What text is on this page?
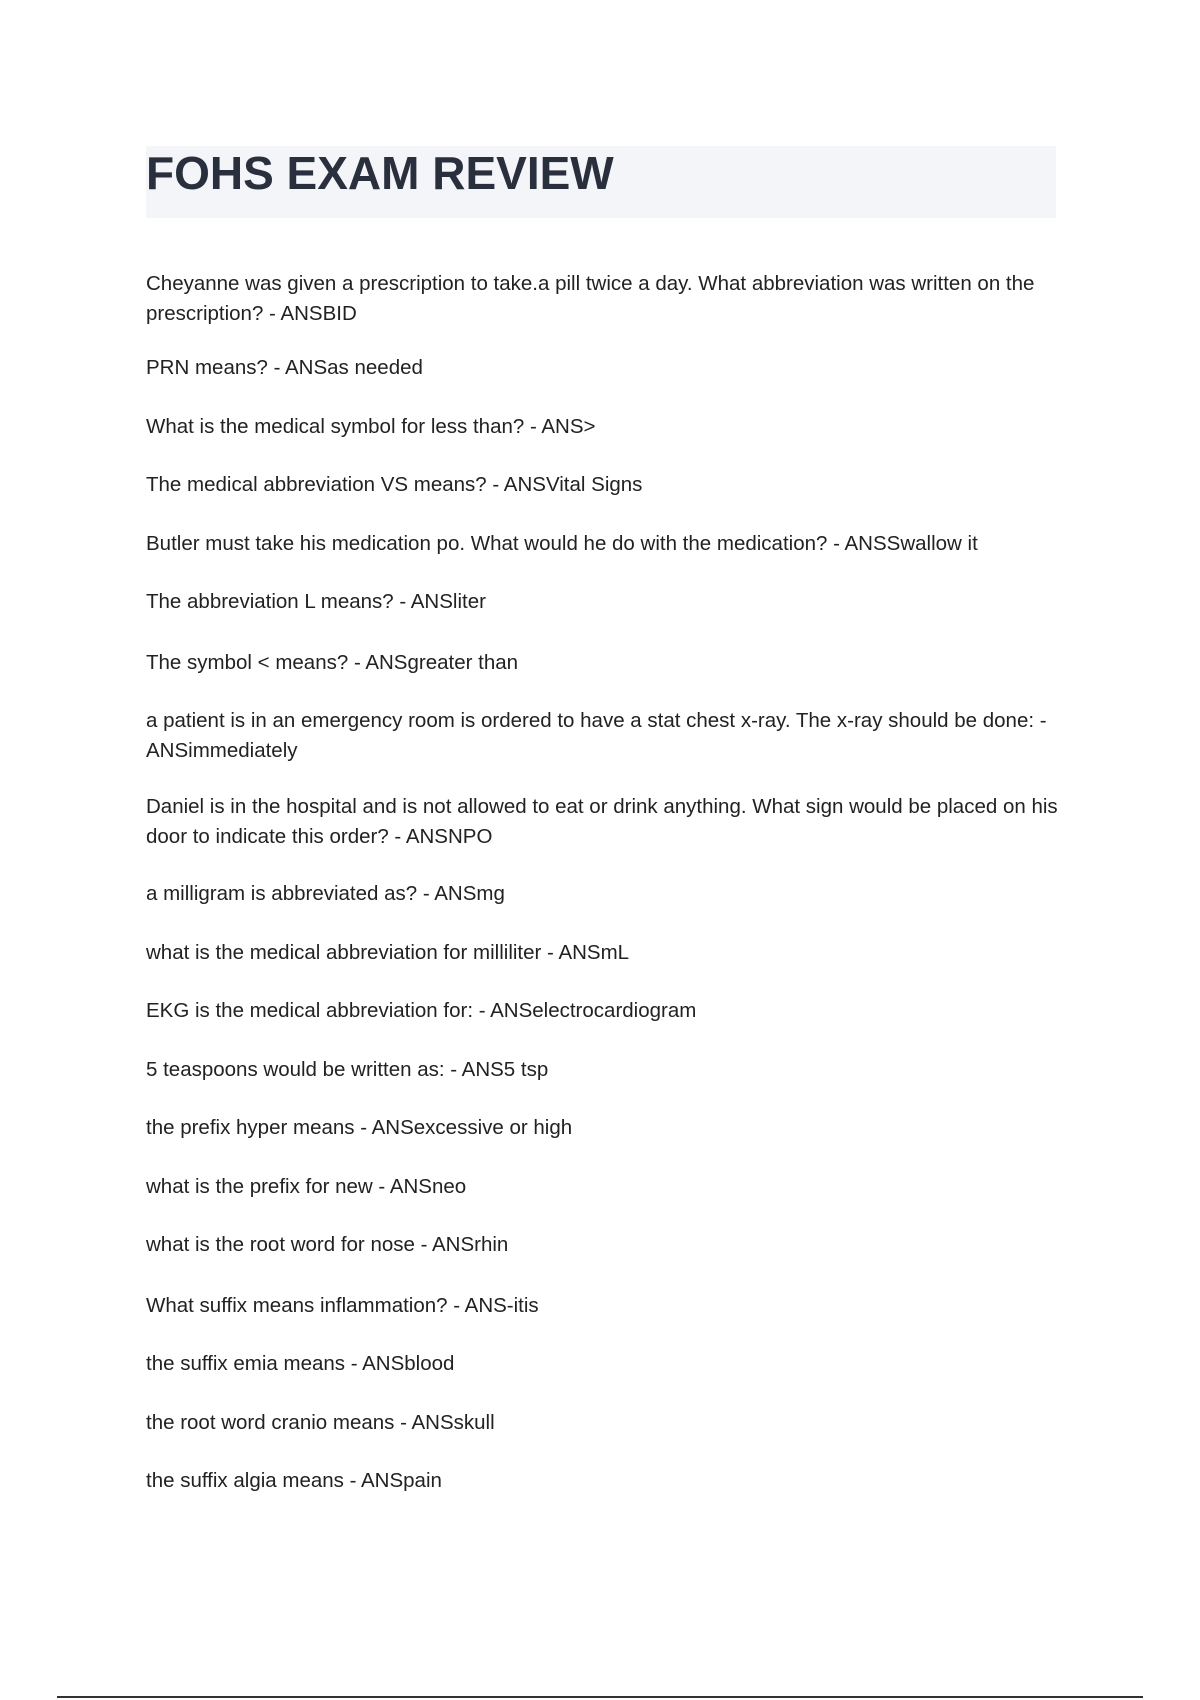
FOHS EXAM REVIEW
Cheyanne was given a prescription to take.a pill twice a day. What abbreviation was written on the prescription? - ANSBID
PRN means? - ANSas needed
What is the medical symbol for less than? - ANS>
The medical abbreviation VS means? - ANSVital Signs
Butler must take his medication po. What would he do with the medication? - ANSSwallow it
The abbreviation L means? - ANSliter
The symbol < means? - ANSgreater than
a patient is in an emergency room is ordered to have a stat chest x-ray. The x-ray should be done: - ANSimmediately
Daniel is in the hospital and is not allowed to eat or drink anything. What sign would be placed on his door to indicate this order? - ANSNPO
a milligram is abbreviated as? - ANSmg
what is the medical abbreviation for milliliter - ANSmL
EKG is the medical abbreviation for: - ANSelectrocardiogram
5 teaspoons would be written as: - ANS5 tsp
the prefix hyper means - ANSexcessive or high
what is the prefix for new - ANSneo
what is the root word for nose - ANSrhin
What suffix means inflammation? - ANS-itis
the suffix emia means - ANSblood
the root word cranio means - ANSskull
the suffix algia means - ANSpain
